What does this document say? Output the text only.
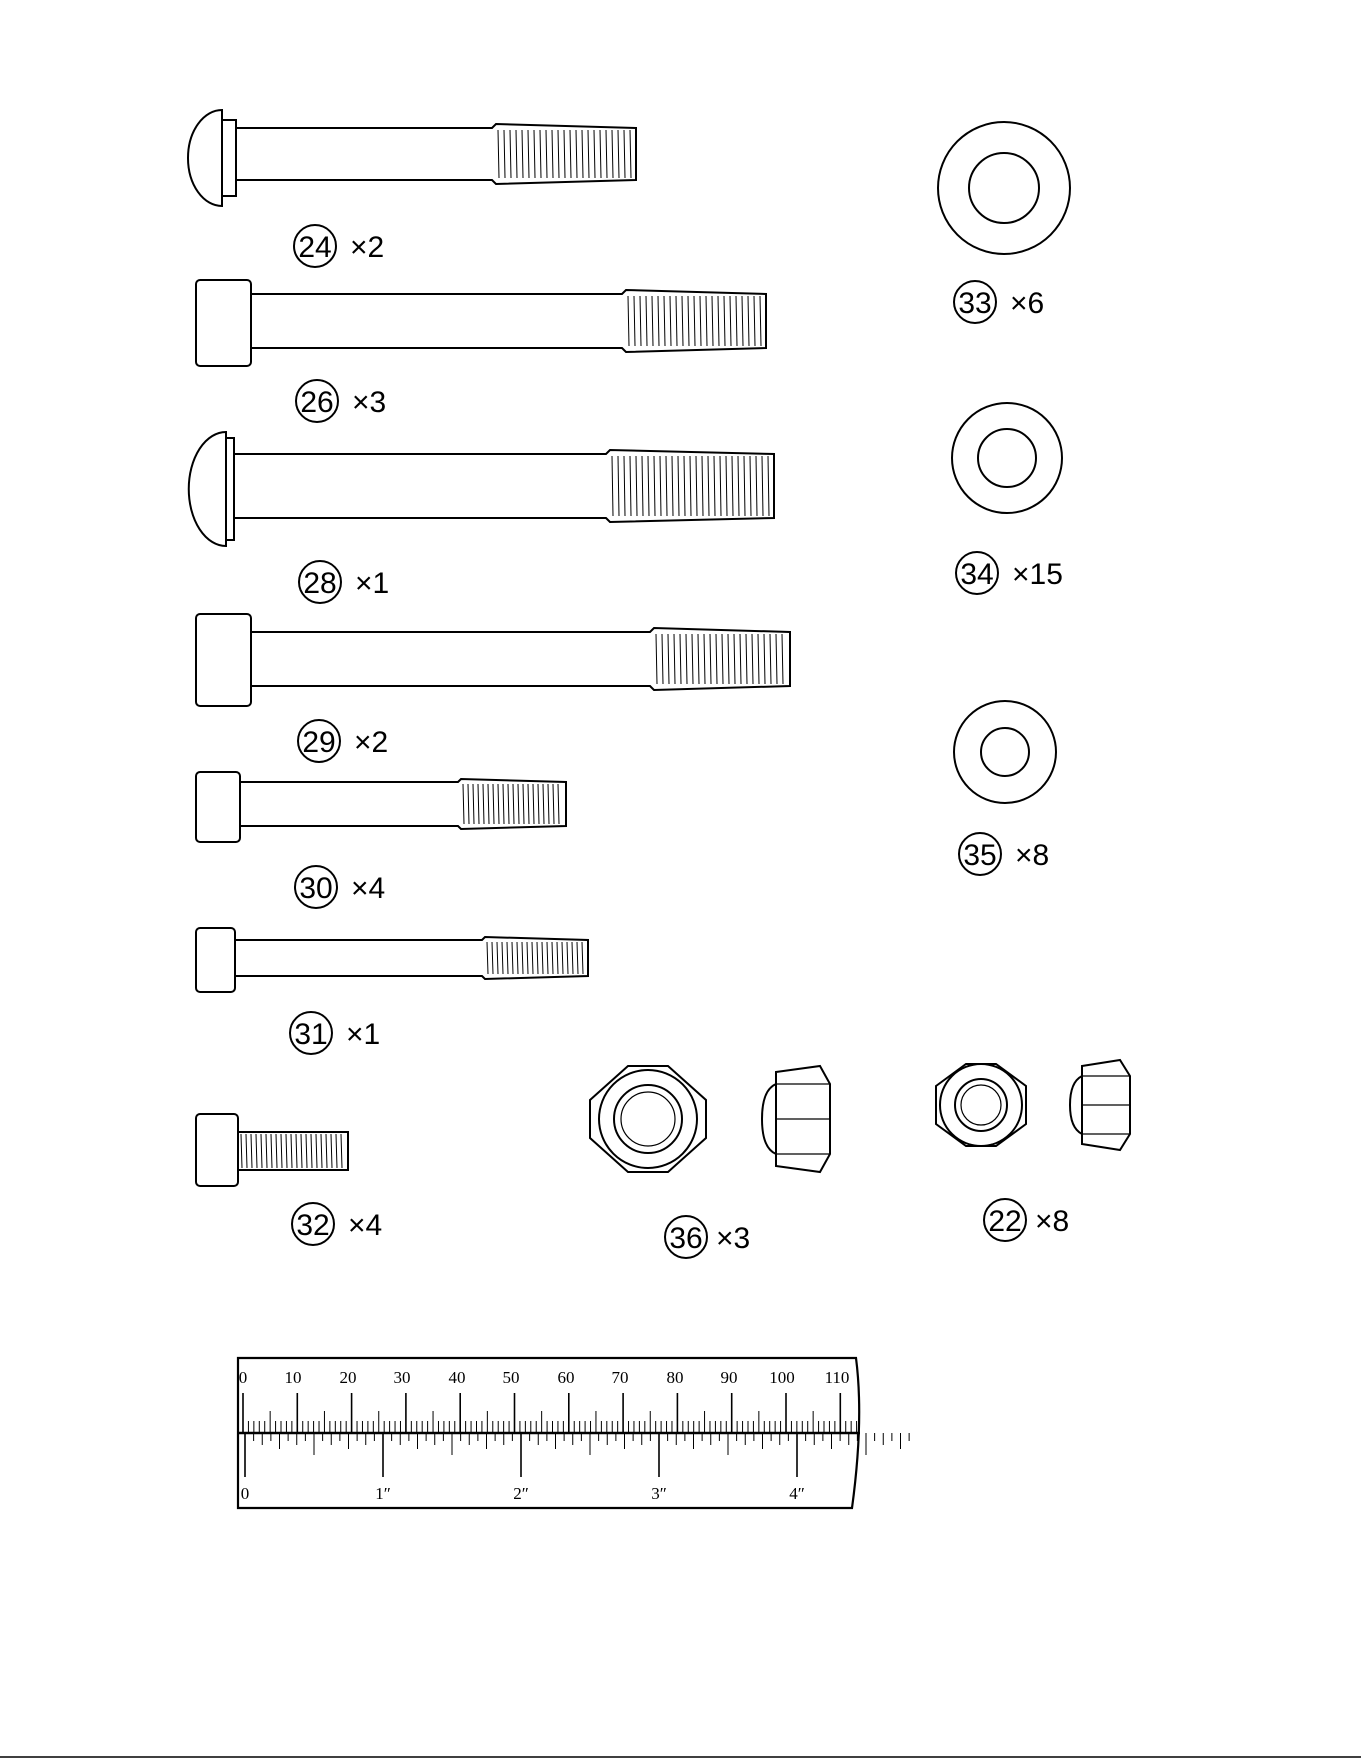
24 ×2
26 ×3
28 ×1
29 ×2
30 ×4
31 ×1
32 ×4
33 ×6
34 ×15
35 ×8
36 ×3
22 ×8
0 10 20 30 40 50 60 70 80 90 100 110
0	1″	2″	3″	4″
